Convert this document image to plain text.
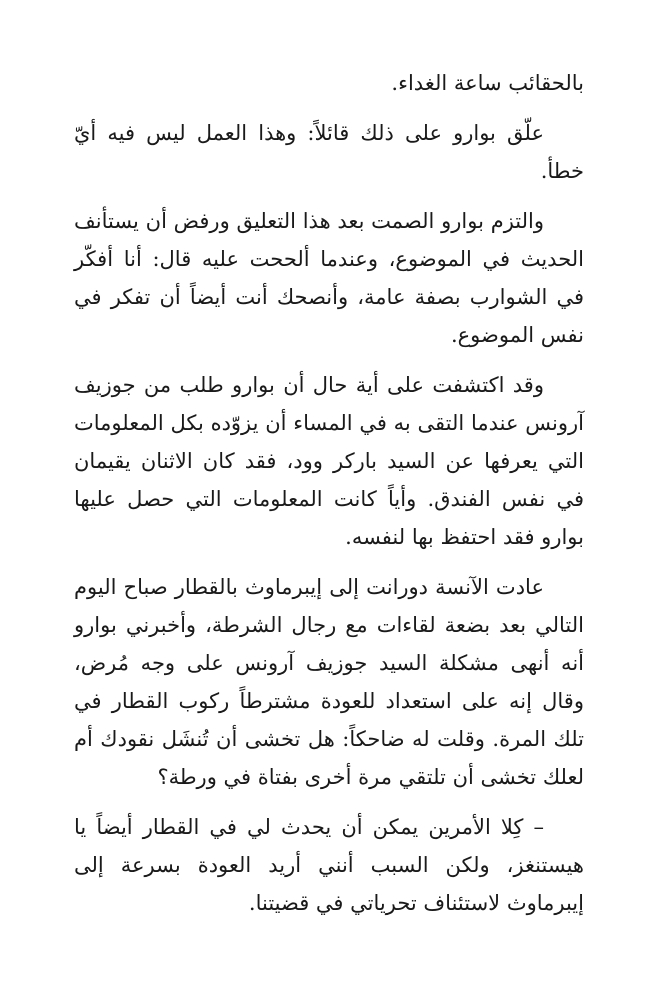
بالحقائب ساعة الغداء.

علّق بوارو على ذلك قائلاً: وهذا العمل ليس فيه أيّ خطأ.

والتزم بوارو الصمت بعد هذا التعليق ورفض أن يستأنف الحديث في الموضوع، وعندما ألححت عليه قال: أنا أفكّر في الشوارب بصفة عامة، وأنصحك أنت أيضاً أن تفكر في نفس الموضوع.

وقد اكتشفت على أية حال أن بوارو طلب من جوزيف آرونس عندما التقى به في المساء أن يزوّده بكل المعلومات التي يعرفها عن السيد باركر وود، فقد كان الاثنان يقيمان في نفس الفندق. وأياً كانت المعلومات التي حصل عليها بوارو فقد احتفظ بها لنفسه.

عادت الآنسة دورانت إلى إيبرماوث بالقطار صباح اليوم التالي بعد بضعة لقاءات مع رجال الشرطة، وأخبرني بوارو أنه أنهى مشكلة السيد جوزيف آرونس على وجه مُرض، وقال إنه على استعداد للعودة مشترطاً ركوب القطار في تلك المرة. وقلت له ضاحكاً: هل تخشى أن تُنشَل نقودك أم لعلك تخشى أن تلتقي مرة أخرى بفتاة في ورطة؟

– كِلا الأمرين يمكن أن يحدث لي في القطار أيضاً يا هيستنغز، ولكن السبب أنني أريد العودة بسرعة إلى إيبرماوث لاستئناف تحرياتي في قضيتنا.
